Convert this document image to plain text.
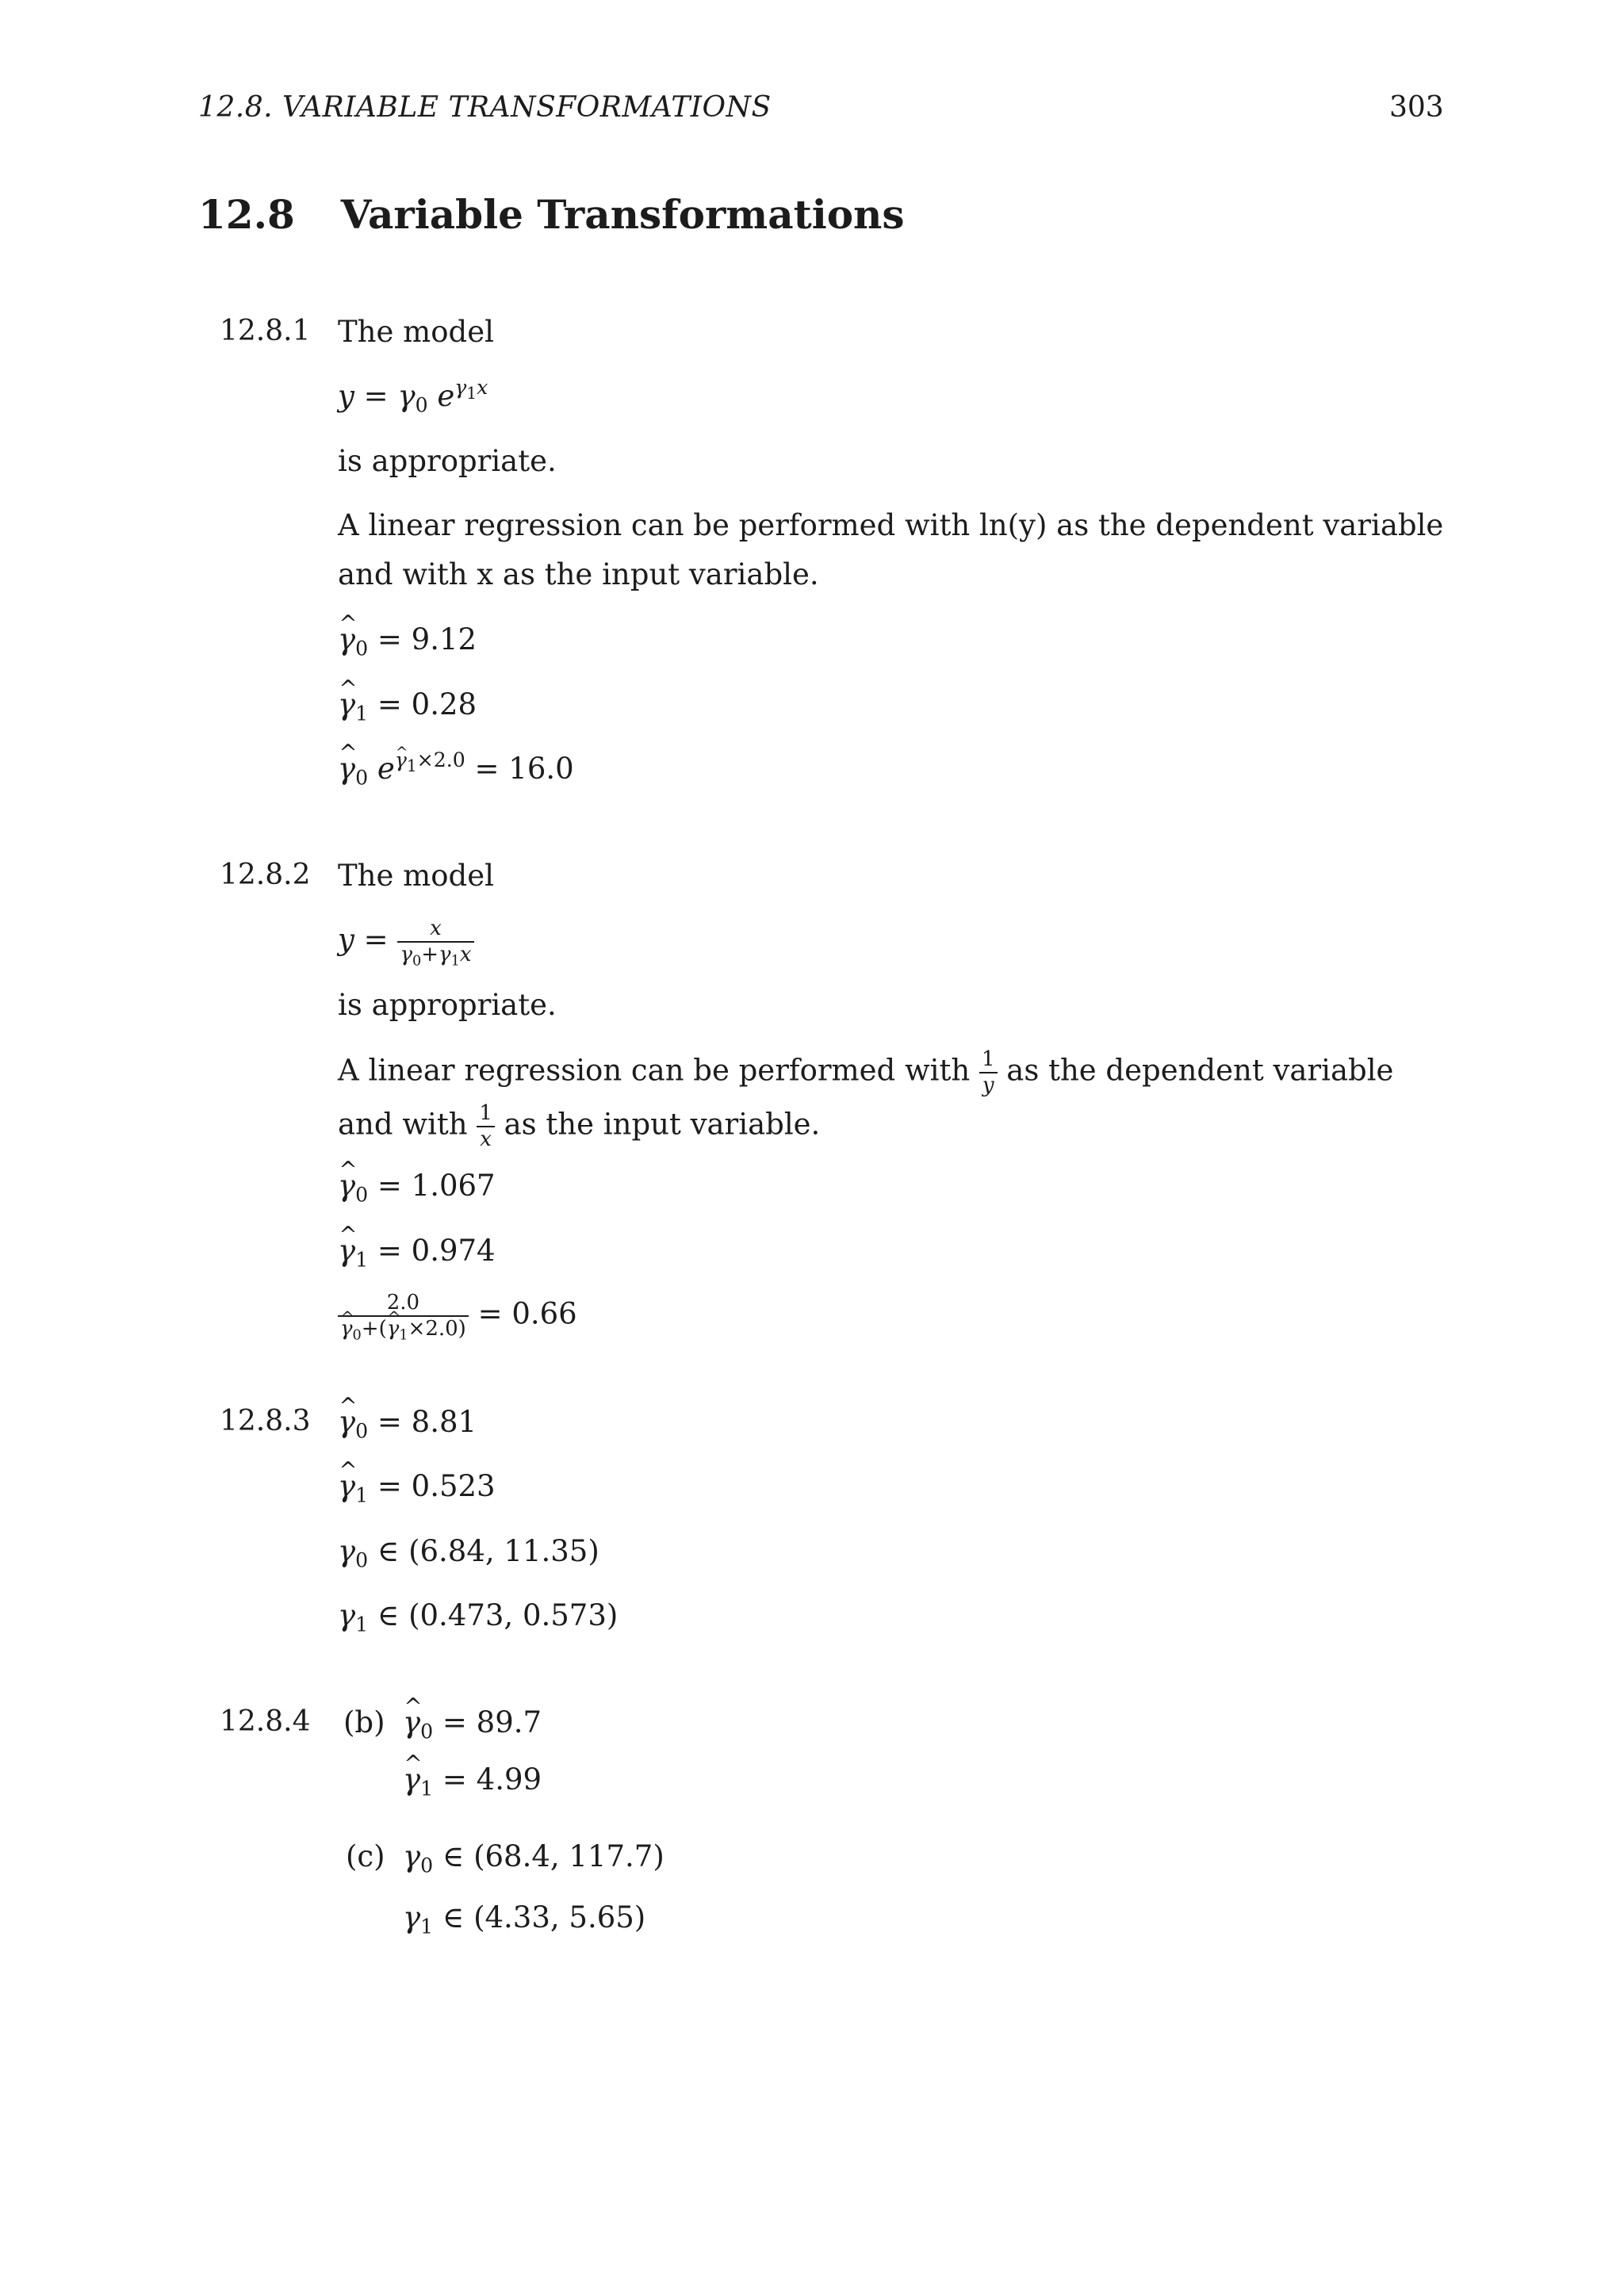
12.8. VARIABLE TRANSFORMATIONS	303
12.8 Variable Transformations
12.8.1 The model
$y = \gamma_0$ $e^{\gamma_1x}$
is appropriate.
A linear regression can be performed with ln(y) as the dependent variable
and with x as the input variable.
^ $\gamma_0 = 9.12$
^ $\gamma_1 = 0.28$
^ $\gamma_0$ $e^{\gamma_1\times 2.0} = 16.0$
12.8.2 The model
$y = \frac{x}{\gamma_0+\gamma_1x}$
is appropriate.
A linear regression can be performed with $\frac{1}{y}$ as the dependent variable
and with $\frac{1}{x}$ as the input variable.
^ $\gamma_0 = 1.067$
^ $\gamma_1 = 0.974$
2.0
^ $\gamma_0+(\^{}$ $\gamma_1\times 2.0) = 0.66$
12.8.3 ^ $\gamma_0 = 8.81$
^ $\gamma_1 = 0.523$
$\gamma_0$ ∈ (6.84, 11.35)
$\gamma_1$ ∈ (0.473, 0.573)
12.8.4 (b) ^ $\gamma_0 = 89.7$
^ $\gamma_1 = 4.99$
(c) $\gamma_0$ ∈ (68.4, 117.7)
$\gamma_1$ ∈ (4.33, 5.65)
